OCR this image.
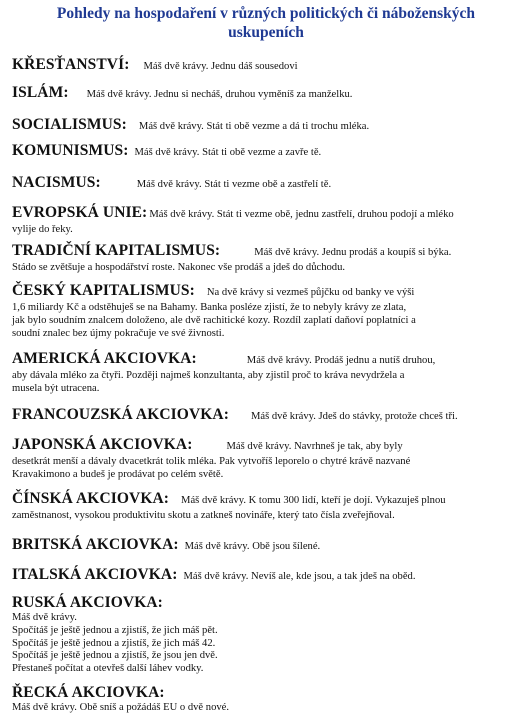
Pohledy na hospodaření v různých politických či náboženských
uskupeních
KŘESŤANSTVÍ: Máš dvě krávy. Jednu dáš sousedovi
ISLÁM: Máš dvě krávy. Jednu si necháš, druhou vyměníš za manželku.
SOCIALISMUS: Máš dvě krávy. Stát ti obě vezme a dá ti trochu mléka.
KOMUNISMUS: Máš dvě krávy. Stát ti obě vezme a zavře tě.
NACISMUS:	Máš dvě krávy. Stát ti vezme obě a zastřelí tě.
EVROPSKÁ UNIE: Máš dvě krávy. Stát ti vezme obě, jednu zastřelí, druhou podojí a mléko
vylije do řeky.
TRADIČNÍ KAPITALISMUS:	Máš dvě krávy. Jednu prodáš a koupíš si býka.
Stádo se zvětšuje a hospodářství roste. Nakonec vše prodáš a jdeš do důchodu.
ČESKÝ KAPITALISMUS: Na dvě krávy si vezmeš půjčku od banky ve výši
1,6 miliardy Kč a odstěhuješ se na Bahamy. Banka posléze zjistí, že to nebyly krávy ze zlata,
jak bylo soudním znalcem doloženo, ale dvě rachitické kozy. Rozdíl zaplatí daňoví poplatníci a
soudní znalec bez újmy pokračuje ve své živnosti.
AMERICKÁ AKCIOVKA:	Máš dvě krávy. Prodáš jednu a nutíš druhou,
aby dávala mléko za čtyři. Později najmeš konzultanta, aby zjistil proč to kráva nevydržela a
musela být utracena.
FRANCOUZSKÁ AKCIOVKA: Máš dvě krávy. Jdeš do stávky, protože chceš tři.
JAPONSKÁ AKCIOVKA:	Máš dvě krávy. Navrhneš je tak, aby byly
desetkrát menší a dávaly dvacetkrát tolik mléka. Pak vytvoříš leporelo o chytré krávě nazvané
Kravakimono a budeš je prodávat po celém světě.
ČÍNSKÁ AKCIOVKA: Máš dvě krávy. K tomu 300 lidí, kteří je dojí. Vykazuješ plnou
zaměstnanost, vysokou produktivitu skotu a zatkneš novináře, který tato čísla zveřejňoval.
BRITSKÁ AKCIOVKA: Máš dvě krávy. Obě jsou šílené.
ITALSKÁ AKCIOVKA: Máš dvě krávy. Nevíš ale, kde jsou, a tak jdeš na oběd.
RUSKÁ AKCIOVKA:
Máš dvě krávy.
Spočítáš je ještě jednou a zjistíš, že jich máš pět.
Spočítáš je ještě jednou a zjistíš, že jich máš 42.
Spočítáš je ještě jednou a zjistíš, že jsou jen dvě.
Přestaneš počítat a otevřeš další láhev vodky.
ŘECKÁ AKCIOVKA:
Máš dvě krávy. Obě sníš a požádáš EU o dvě nové.
